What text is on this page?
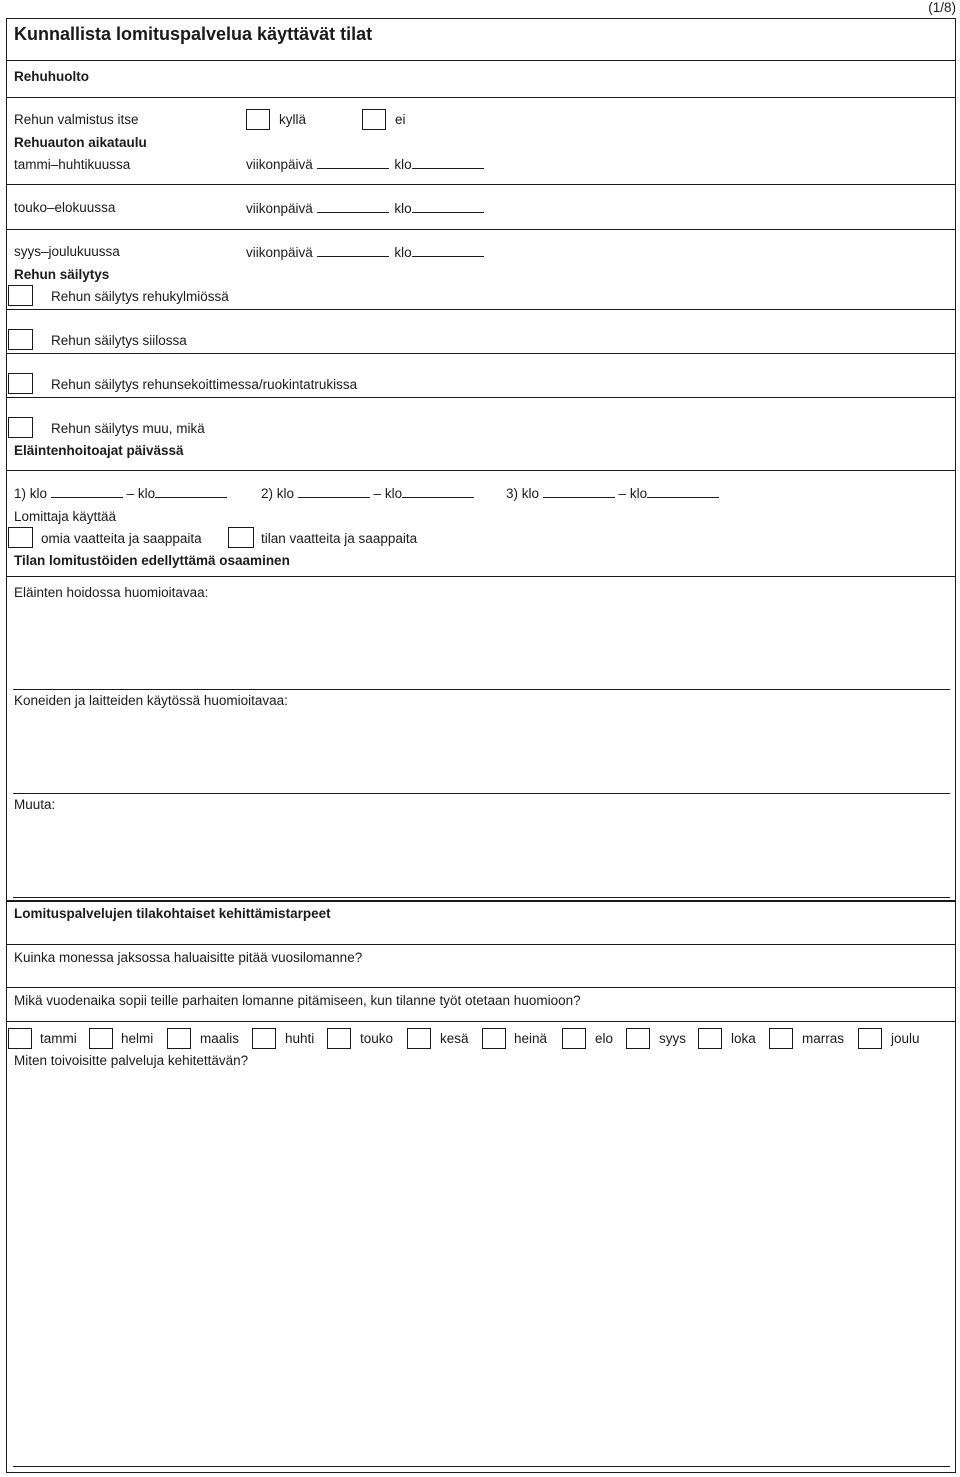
(1/8)
Kunnallista lomituspalvelua käyttävät tilat
Rehuhuolto
Rehun valmistus itse	kyllä	ei
Rehuauton aikataulu
tammi–huhtikuussa	viikonpäivä	klo
touko–elokuussa	viikonpäivä	klo
syys–joulukuussa	viikonpäivä	klo
Rehun säilytys
Rehun säilytys rehukylmiössä
Rehun säilytys siilossa
Rehun säilytys rehunsekoittimessa/ruokintatrukissa
Rehun säilytys muu, mikä
Eläintenhoitoajat päivässä
1) klo	– klo	2) klo	– klo	3) klo	– klo
Lomittaja käyttää
omia vaatteita ja saappaita	tilan vaatteita ja saappaita
Tilan lomitustöiden edellyttämä osaaminen
Eläinten hoidossa huomioitavaa:
Koneiden ja laitteiden käytössä huomioitavaa:
Muuta:
Lomituspalvelujen tilakohtaiset kehittämistarpeet
Kuinka monessa jaksossa haluaisitte pitää vuosilomanne?
Mikä vuodenaika sopii teille parhaiten lomanne pitämiseen, kun tilanne työt otetaan huomioon?
tammi	helmi	maalis	huhti	touko	kesä	heinä	elo	syys	loka	marras	joulu
Miten toivoisitte palveluja kehitettävän?
